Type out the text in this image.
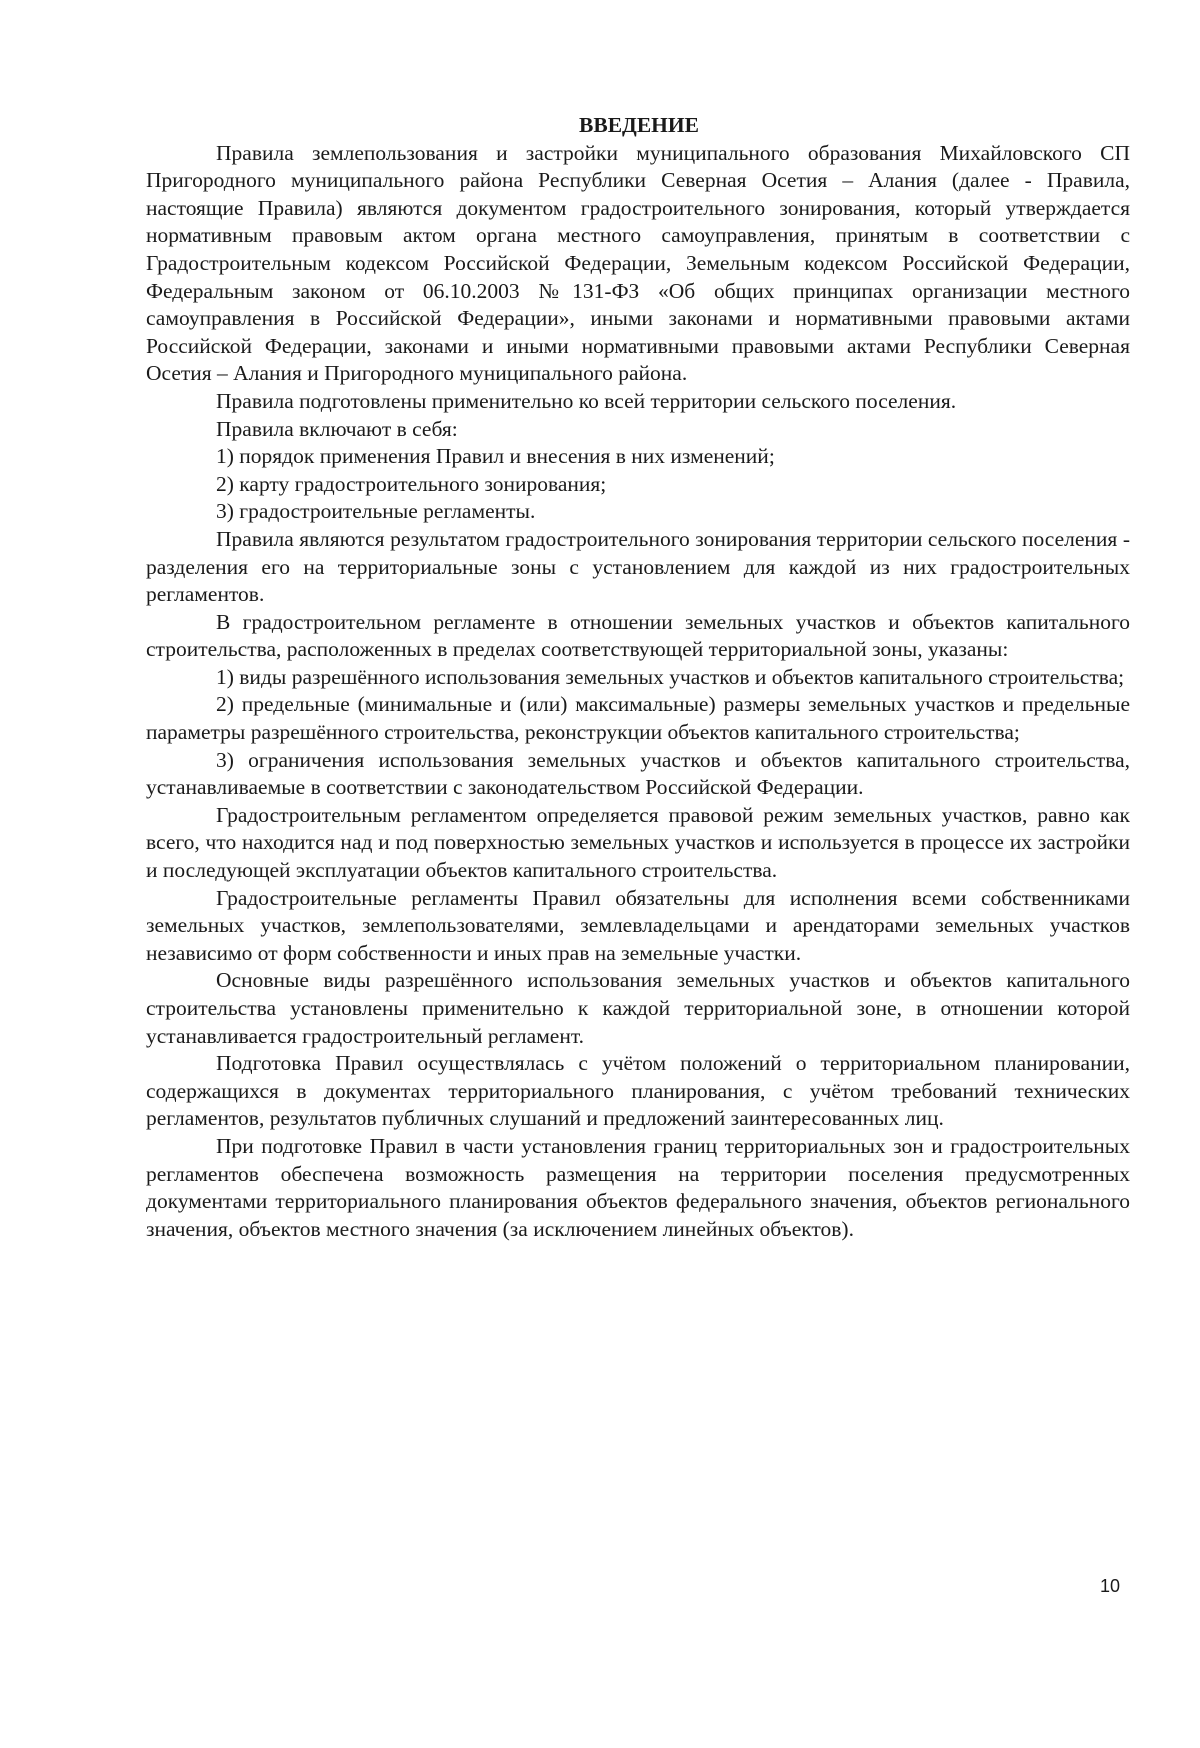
ВВЕДЕНИЕ

Правила землепользования и застройки муниципального образования Михайловского СП Пригородного муниципального района Республики Северная Осетия – Алания (далее - Правила, настоящие Правила) являются документом градостроительного зонирования, который утверждается нормативным правовым актом органа местного самоуправления, принятым в соответствии с Градостроительным кодексом Российской Федерации, Земельным кодексом Российской Федерации, Федеральным законом от 06.10.2003 №131-ФЗ «Об общих принципах организации местного самоуправления в Российской Федерации», иными законами и нормативными правовыми актами Российской Федерации, законами и иными нормативными правовыми актами Республики Северная Осетия – Алания и Пригородного муниципального района.

Правила подготовлены применительно ко всей территории сельского поселения.

Правила включают в себя:

1) порядок применения Правил и внесения в них изменений;

2) карту градостроительного зонирования;

3) градостроительные регламенты.

Правила являются результатом градостроительного зонирования территории сельского поселения - разделения его на территориальные зоны с установлением для каждой из них градостроительных регламентов.

В градостроительном регламенте в отношении земельных участков и объектов капитального строительства, расположенных в пределах соответствующей территориальной зоны, указаны:

1) виды разрешённого использования земельных участков и объектов капитального строительства;

2) предельные (минимальные и (или) максимальные) размеры земельных участков и предельные параметры разрешённого строительства, реконструкции объектов капитального строительства;

3) ограничения использования земельных участков и объектов капитального строительства, устанавливаемые в соответствии с законодательством Российской Федерации.

Градостроительным регламентом определяется правовой режим земельных участков, равно как всего, что находится над и под поверхностью земельных участков и используется в процессе их застройки и последующей эксплуатации объектов капитального строительства.

Градостроительные регламенты Правил обязательны для исполнения всеми собственниками земельных участков, землепользователями, землевладельцами и арендаторами земельных участков независимо от форм собственности и иных прав на земельные участки.

Основные виды разрешённого использования земельных участков и объектов капитального строительства установлены применительно к каждой территориальной зоне, в отношении которой устанавливается градостроительный регламент.

Подготовка Правил осуществлялась с учётом положений о территориальном планировании, содержащихся в документах территориального планирования, с учётом требований технических регламентов, результатов публичных слушаний и предложений заинтересованных лиц.

При подготовке Правил в части установления границ территориальных зон и градостроительных регламентов обеспечена возможность размещения на территории поселения предусмотренных документами территориального планирования объектов федерального значения, объектов регионального значения, объектов местного значения (за исключением линейных объектов).

10
